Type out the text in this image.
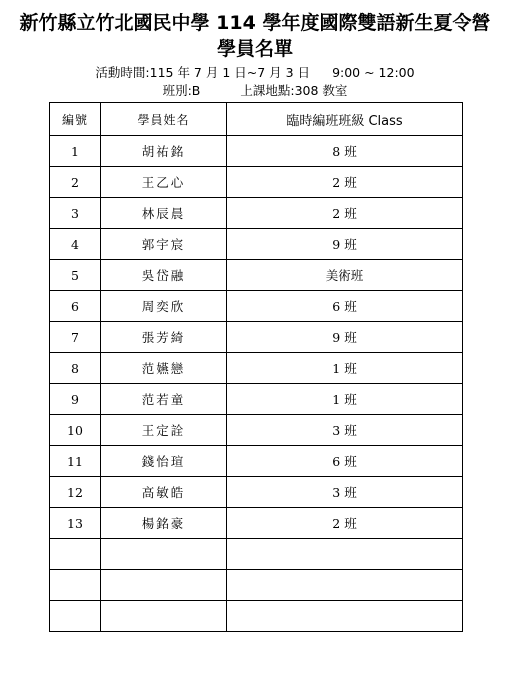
新竹縣立竹北國民中學 114 學年度國際雙語新生夏令營
學員名單
活動時間:115 年 7 月 1 日~7 月 3 日 9:00 ~ 12:00
班別:B	上課地點:308 教室
編號	學員姓名	臨時編班班級 Class
1	胡祐銘	8 班
2	王乙心	2 班
3	林辰晨	2 班
4	郭宇宸	9 班
5	吳岱融	美術班
6	周奕欣	6 班
7	張芳綺	9 班
8	范嬿戀	1 班
9	范若童	1 班
10	王定詮	3 班
11	錢怡瑄	6 班
12	高敏皓	3 班
13	楊銘豪	2 班
